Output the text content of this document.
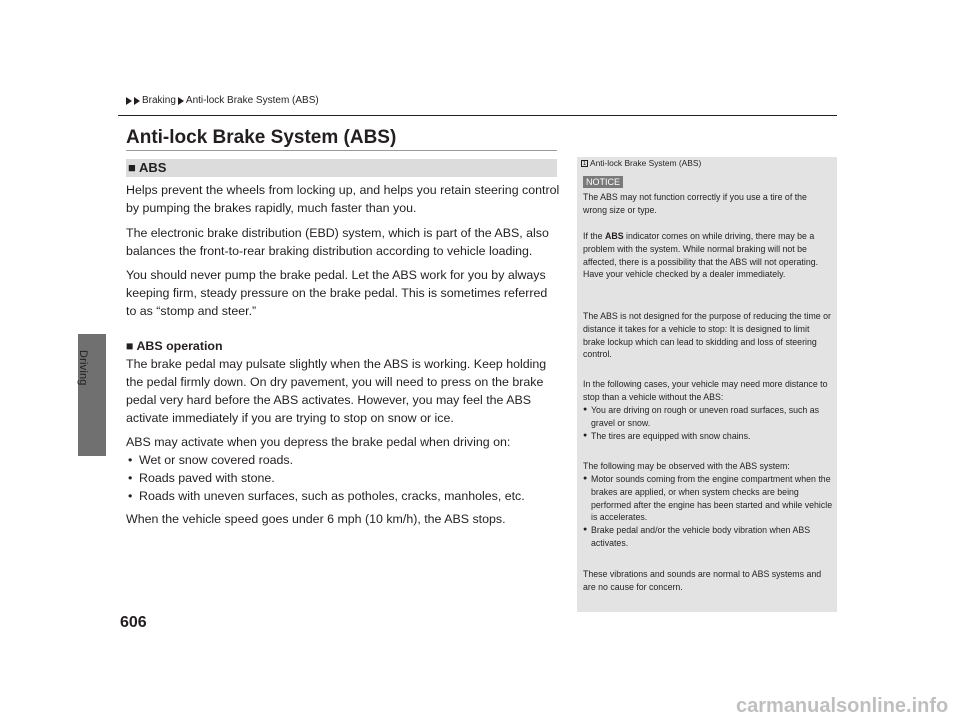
Driving
Braking Anti-lock Brake System (ABS)
Anti-lock Brake System (ABS)
■ ABS

Helps prevent the wheels from locking up, and helps you retain steering control by pumping the brakes rapidly, much faster than you.

The electronic brake distribution (EBD) system, which is part of the ABS, also balances the front-to-rear braking distribution according to vehicle loading.

You should never pump the brake pedal. Let the ABS work for you by always keeping firm, steady pressure on the brake pedal. This is sometimes referred to as “stomp and steer.”

■ ABS operation

The brake pedal may pulsate slightly when the ABS is working. Keep holding the pedal firmly down. On dry pavement, you will need to press on the brake pedal very hard before the ABS activates. However, you may feel the ABS activate immediately if you are trying to stop on snow or ice.

ABS may activate when you depress the brake pedal when driving on:

• Wet or snow covered roads.
• Roads paved with stone.
• Roads with uneven surfaces, such as potholes, cracks, manholes, etc.

When the vehicle speed goes under 6 mph (10 km/h), the ABS stops.

1 Anti-lock Brake System (ABS)
NOTICE

The ABS may not function correctly if you use a tire of the wrong size or type.

If the ABS indicator comes on while driving, there may be a problem with the system. While normal braking will not be affected, there is a possibility that the ABS will not operating. Have your vehicle checked by a dealer immediately.

The ABS is not designed for the purpose of reducing the time or distance it takes for a vehicle to stop: It is designed to limit brake lockup which can lead to skidding and loss of steering control.

In the following cases, your vehicle may need more distance to stop than a vehicle without the ABS:

● You are driving on rough or uneven road surfaces, such as gravel or snow.
● The tires are equipped with snow chains.

The following may be observed with the ABS system:

● Motor sounds coming from the engine compartment when the brakes are applied, or when system checks are being performed after the engine has been started and while vehicle is accelerates.
● Brake pedal and/or the vehicle body vibration when ABS activates.

These vibrations and sounds are normal to ABS systems and are no cause for concern.

606
carmanualsonline.info
